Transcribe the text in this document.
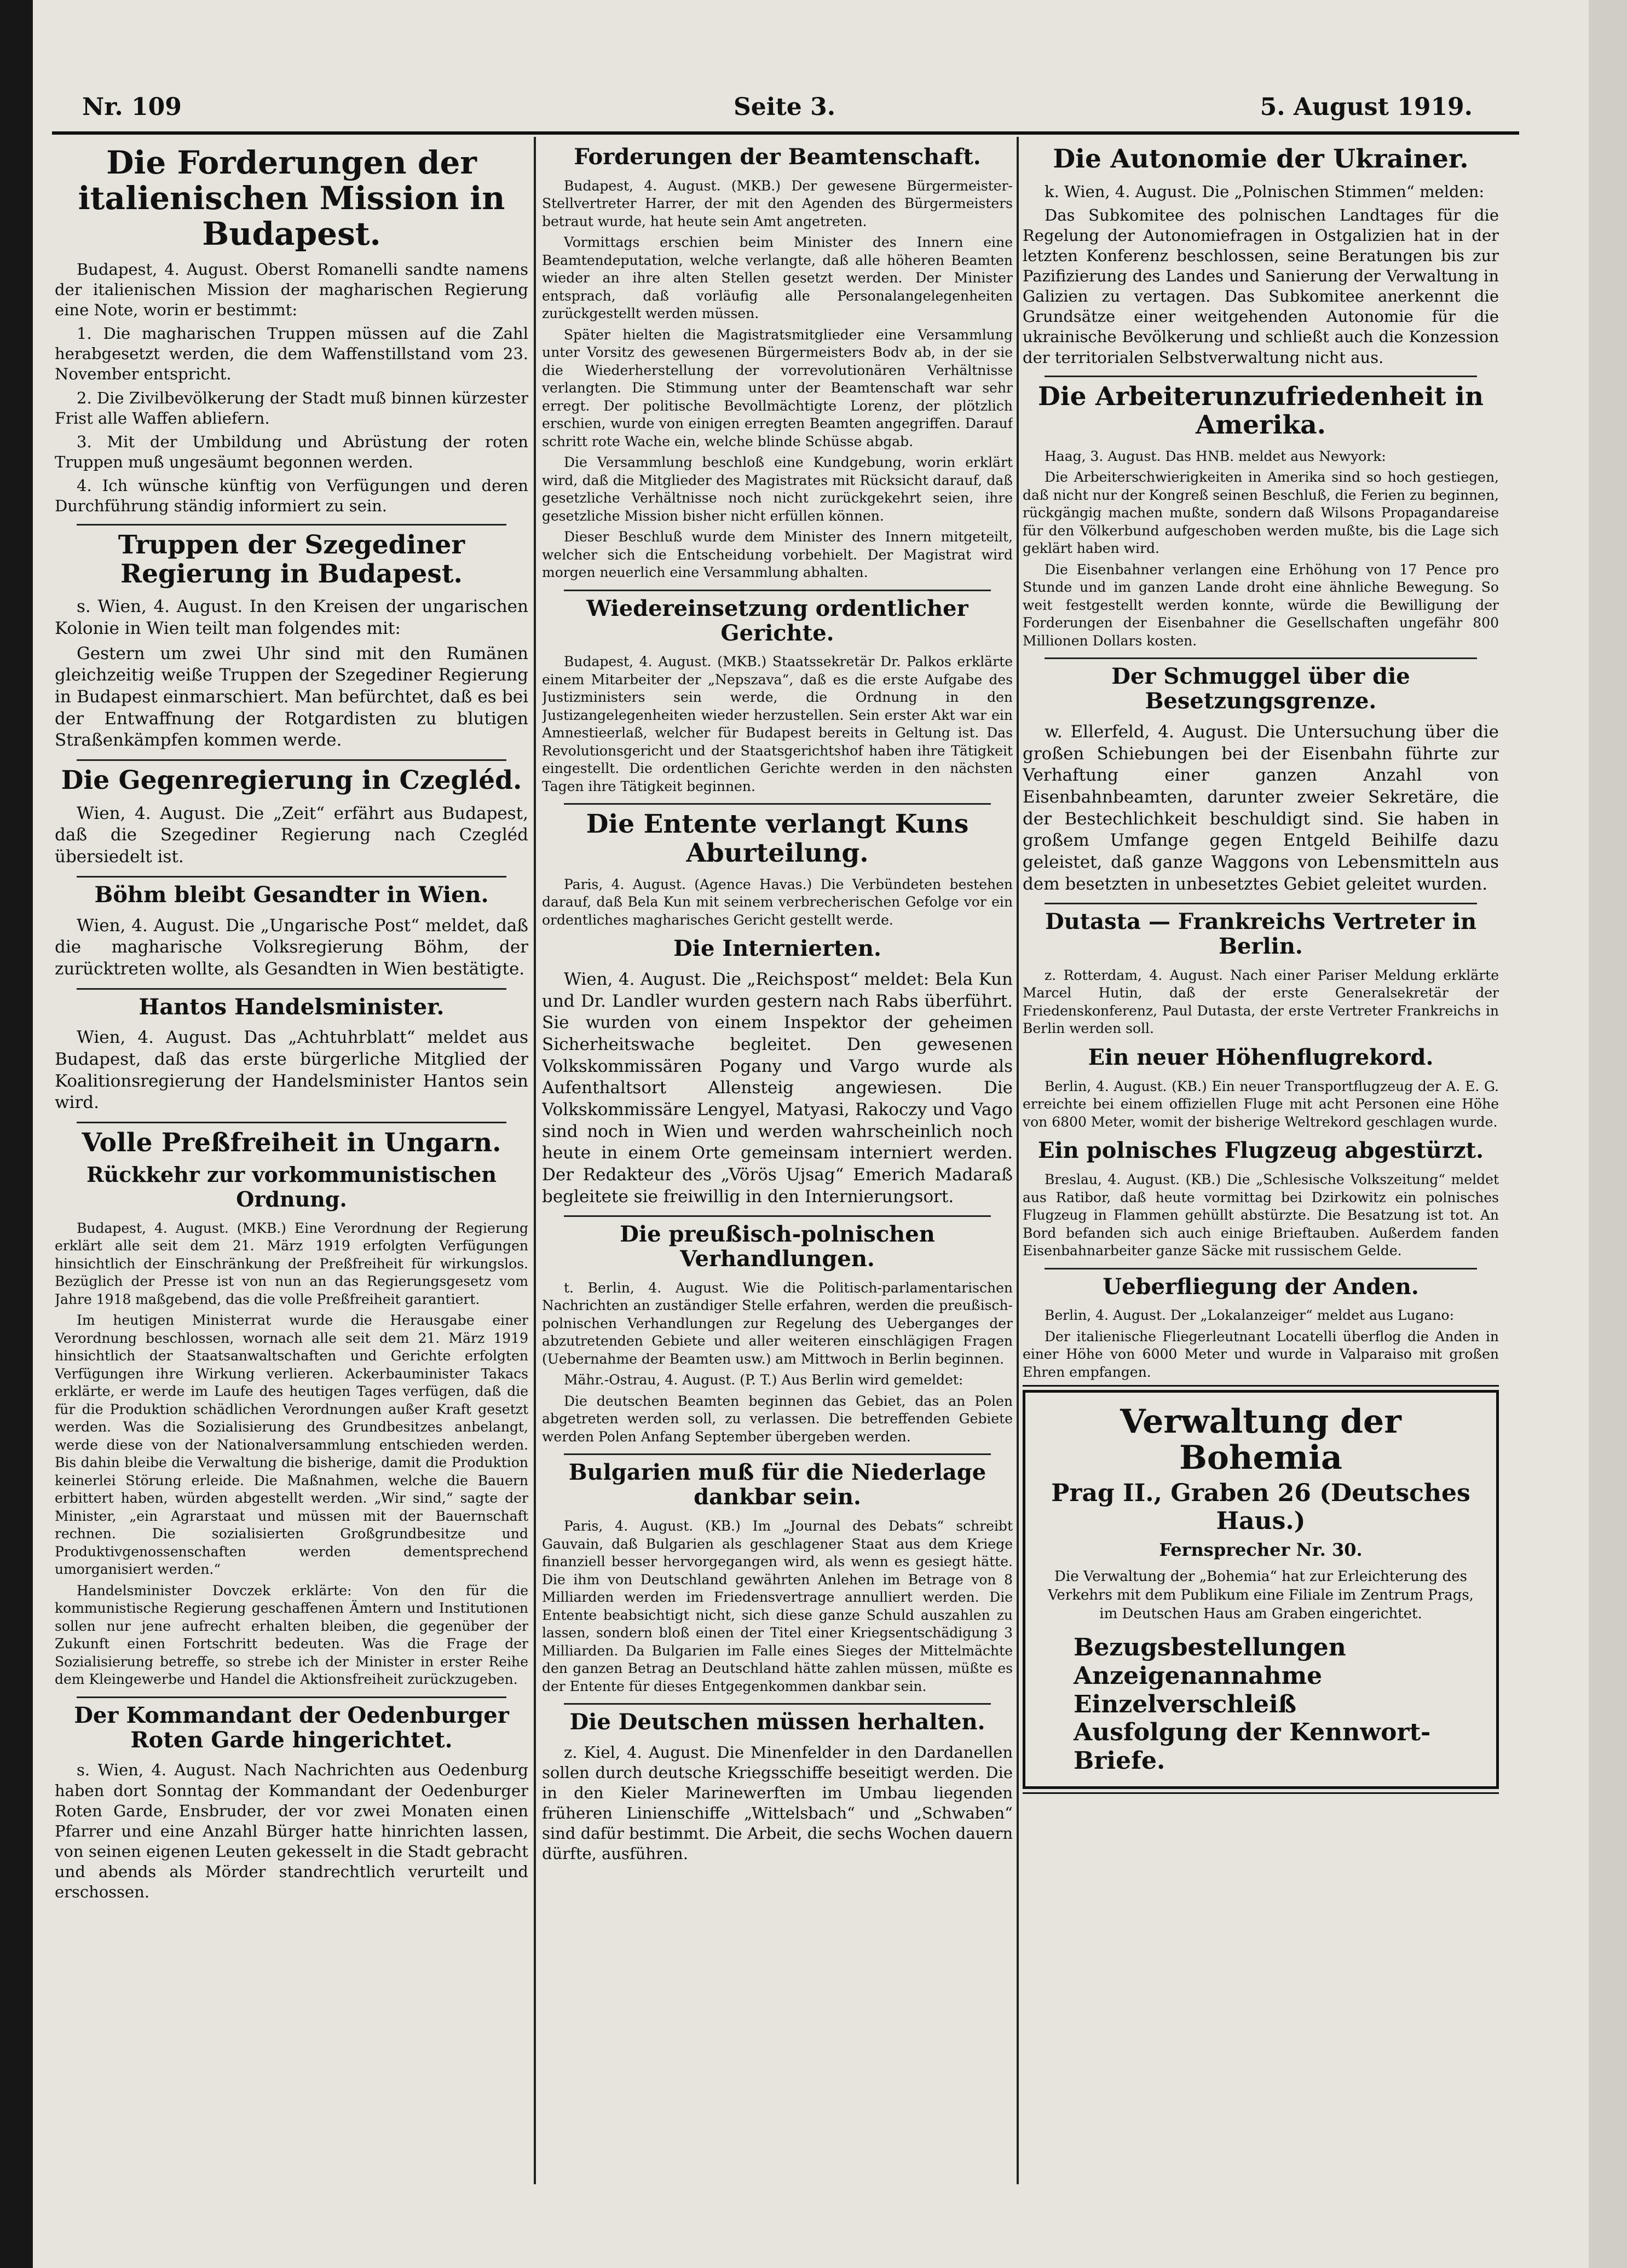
Nr. 109	Seite 3.	5. August 1919.
Die Forderungen der italienischen Mission in Budapest.

Budapest, 4. August. Oberst Romanelli sandte namens der italienischen Mission der magharischen Regierung eine Note, worin er bestimmt:

1. Die magharischen Truppen müssen auf die Zahl herabgesetzt werden, die dem Waffenstillstand vom 23. November entspricht.

2. Die Zivilbevölkerung der Stadt muß binnen kürzester Frist alle Waffen abliefern.

3. Mit der Umbildung und Abrüstung der roten Truppen muß ungesäumt begonnen werden.

4. Ich wünsche künftig von Verfügungen und deren Durchführung ständig informiert zu sein.

Truppen der Szegediner Regierung in Budapest.

s. Wien, 4. August. In den Kreisen der ungarischen Kolonie in Wien teilt man folgendes mit:

Gestern um zwei Uhr sind mit den Rumänen gleichzeitig weiße Truppen der Szegediner Regierung in Budapest einmarschiert. Man befürchtet, daß es bei der Entwaffnung der Rotgardisten zu blutigen Straßenkämpfen kommen werde.

Die Gegenregierung in Czegléd.

Wien, 4. August. Die „Zeit“ erfährt aus Budapest, daß die Szegediner Regierung nach Czegléd übersiedelt ist.

Böhm bleibt Gesandter in Wien.

Wien, 4. August. Die „Ungarische Post“ meldet, daß die magharische Volksregierung Böhm, der zurücktreten wollte, als Gesandten in Wien bestätigte.

Hantos Handelsminister.

Wien, 4. August. Das „Achtuhrblatt“ meldet aus Budapest, daß das erste bürgerliche Mitglied der Koalitionsregierung der Handelsminister Hantos sein wird.

Volle Preßfreiheit in Ungarn.
Rückkehr zur vorkommunistischen Ordnung.

Budapest, 4. August. (MKB.) Eine Verordnung der Regierung erklärt alle seit dem 21. März 1919 erfolgten Verfügungen hinsichtlich der Einschränkung der Preßfreiheit für wirkungslos. Bezüglich der Presse ist von nun an das Regierungsgesetz vom Jahre 1918 maßgebend, das die volle Preßfreiheit garantiert.

Im heutigen Ministerrat wurde die Herausgabe einer Verordnung beschlossen, wornach alle seit dem 21. März 1919 hinsichtlich der Staatsanwaltschaften und Gerichte erfolgten Verfügungen ihre Wirkung verlieren. Ackerbauminister Takacs erklärte, er werde im Laufe des heutigen Tages verfügen, daß die für die Produktion schädlichen Verordnungen außer Kraft gesetzt werden. Was die Sozialisierung des Grundbesitzes anbelangt, werde diese von der Nationalversammlung entschieden werden. Bis dahin bleibe die Verwaltung die bisherige, damit die Produktion keinerlei Störung erleide. Die Maßnahmen, welche die Bauern erbittert haben, würden abgestellt werden. „Wir sind,“ sagte der Minister, „ein Agrarstaat und müssen mit der Bauernschaft rechnen. Die sozialisierten Großgrundbesitze und Produktivgenossenschaften werden dementsprechend umorganisiert werden.“

Handelsminister Dovczek erklärte: Von den für die kommunistische Regierung geschaffenen Ämtern und Institutionen sollen nur jene aufrecht erhalten bleiben, die gegenüber der Zukunft einen Fortschritt bedeuten. Was die Frage der Sozialisierung betreffe, so strebe ich der Minister in erster Reihe dem Kleingewerbe und Handel die Aktionsfreiheit zurückzugeben.

Der Kommandant der Oedenburger Roten Garde hingerichtet.

s. Wien, 4. August. Nach Nachrichten aus Oedenburg haben dort Sonntag der Kommandant der Oedenburger Roten Garde, Ensbruder, der vor zwei Monaten einen Pfarrer und eine Anzahl Bürger hatte hinrichten lassen, von seinen eigenen Leuten gekesselt in die Stadt gebracht und abends als Mörder standrechtlich verurteilt und erschossen.

Forderungen der Beamtenschaft.

Budapest, 4. August. (MKB.) Der gewesene Bürgermeister-Stellvertreter Harrer, der mit den Agenden des Bürgermeisters betraut wurde, hat heute sein Amt angetreten.

Vormittags erschien beim Minister des Innern eine Beamtendeputation, welche verlangte, daß alle höheren Beamten wieder an ihre alten Stellen gesetzt werden. Der Minister entsprach, daß vorläufig alle Personalangelegenheiten zurückgestellt werden müssen.

Später hielten die Magistratsmitglieder eine Versammlung unter Vorsitz des gewesenen Bürgermeisters Bodv ab, in der sie die Wiederherstellung der vorrevolutionären Verhältnisse verlangten. Die Stimmung unter der Beamtenschaft war sehr erregt. Der politische Bevollmächtigte Lorenz, der plötzlich erschien, wurde von einigen erregten Beamten angegriffen. Darauf schritt rote Wache ein, welche blinde Schüsse abgab.

Die Versammlung beschloß eine Kundgebung, worin erklärt wird, daß die Mitglieder des Magistrates mit Rücksicht darauf, daß gesetzliche Verhältnisse noch nicht zurückgekehrt seien, ihre gesetzliche Mission bisher nicht erfüllen können.

Dieser Beschluß wurde dem Minister des Innern mitgeteilt, welcher sich die Entscheidung vorbehielt. Der Magistrat wird morgen neuerlich eine Versammlung abhalten.

Wiedereinsetzung ordentlicher Gerichte.

Budapest, 4. August. (MKB.) Staatssekretär Dr. Palkos erklärte einem Mitarbeiter der „Nepszava“, daß es die erste Aufgabe des Justizministers sein werde, die Ordnung in den Justizangelegenheiten wieder herzustellen. Sein erster Akt war ein Amnestieerlaß, welcher für Budapest bereits in Geltung ist. Das Revolutionsgericht und der Staatsgerichtshof haben ihre Tätigkeit eingestellt. Die ordentlichen Gerichte werden in den nächsten Tagen ihre Tätigkeit beginnen.

Die Entente verlangt Kuns Aburteilung.

Paris, 4. August. (Agence Havas.) Die Verbündeten bestehen darauf, daß Bela Kun mit seinem verbrecherischen Gefolge vor ein ordentliches magharisches Gericht gestellt werde.

Die Internierten.

Wien, 4. August. Die „Reichspost“ meldet: Bela Kun und Dr. Landler wurden gestern nach Rabs überführt. Sie wurden von einem Inspektor der geheimen Sicherheitswache begleitet. Den gewesenen Volkskommissären Pogany und Vargo wurde als Aufenthaltsort Allensteig angewiesen. Die Volkskommissäre Lengyel, Matyasi, Rakoczy und Vago sind noch in Wien und werden wahrscheinlich noch heute in einem Orte gemeinsam interniert werden. Der Redakteur des „Vörös Ujsag“ Emerich Madaraß begleitete sie freiwillig in den Internierungsort.

Die preußisch-polnischen Verhandlungen.

t. Berlin, 4. August. Wie die Politisch-parlamentarischen Nachrichten an zuständiger Stelle erfahren, werden die preußisch-polnischen Verhandlungen zur Regelung des Ueberganges der abzutretenden Gebiete und aller weiteren einschlägigen Fragen (Uebernahme der Beamten usw.) am Mittwoch in Berlin beginnen.

Mähr.-Ostrau, 4. August. (P. T.) Aus Berlin wird gemeldet:

Die deutschen Beamten beginnen das Gebiet, das an Polen abgetreten werden soll, zu verlassen. Die betreffenden Gebiete werden Polen Anfang September übergeben werden.

Bulgarien muß für die Niederlage dankbar sein.

Paris, 4. August. (KB.) Im „Journal des Debats“ schreibt Gauvain, daß Bulgarien als geschlagener Staat aus dem Kriege finanziell besser hervorgegangen wird, als wenn es gesiegt hätte. Die ihm von Deutschland gewährten Anlehen im Betrage von 8 Milliarden werden im Friedensvertrage annulliert werden. Die Entente beabsichtigt nicht, sich diese ganze Schuld auszahlen zu lassen, sondern bloß einen der Titel einer Kriegsentschädigung 3 Milliarden. Da Bulgarien im Falle eines Sieges der Mittelmächte den ganzen Betrag an Deutschland hätte zahlen müssen, müßte es der Entente für dieses Entgegenkommen dankbar sein.

Die Deutschen müssen herhalten.

z. Kiel, 4. August. Die Minenfelder in den Dardanellen sollen durch deutsche Kriegsschiffe beseitigt werden. Die in den Kieler Marinewerften im Umbau liegenden früheren Linienschiffe „Wittelsbach“ und „Schwaben“ sind dafür bestimmt. Die Arbeit, die sechs Wochen dauern dürfte, ausführen.

Die Autonomie der Ukrainer.

k. Wien, 4. August. Die „Polnischen Stimmen“ melden:

Das Subkomitee des polnischen Landtages für die Regelung der Autonomiefragen in Ostgalizien hat in der letzten Konferenz beschlossen, seine Beratungen bis zur Pazifizierung des Landes und Sanierung der Verwaltung in Galizien zu vertagen. Das Subkomitee anerkennt die Grundsätze einer weitgehenden Autonomie für die ukrainische Bevölkerung und schließt auch die Konzession der territorialen Selbstverwaltung nicht aus.

Die Arbeiterunzufriedenheit in Amerika.

Haag, 3. August. Das HNB. meldet aus Newyork:

Die Arbeiterschwierigkeiten in Amerika sind so hoch gestiegen, daß nicht nur der Kongreß seinen Beschluß, die Ferien zu beginnen, rückgängig machen mußte, sondern daß Wilsons Propagandareise für den Völkerbund aufgeschoben werden mußte, bis die Lage sich geklärt haben wird.

Die Eisenbahner verlangen eine Erhöhung von 17 Pence pro Stunde und im ganzen Lande droht eine ähnliche Bewegung. So weit festgestellt werden konnte, würde die Bewilligung der Forderungen der Eisenbahner die Gesellschaften ungefähr 800 Millionen Dollars kosten.

Der Schmuggel über die Besetzungsgrenze.

w. Ellerfeld, 4. August. Die Untersuchung über die großen Schiebungen bei der Eisenbahn führte zur Verhaftung einer ganzen Anzahl von Eisenbahnbeamten, darunter zweier Sekretäre, die der Bestechlichkeit beschuldigt sind. Sie haben in großem Umfange gegen Entgeld Beihilfe dazu geleistet, daß ganze Waggons von Lebensmitteln aus dem besetzten in unbesetztes Gebiet geleitet wurden.

Dutasta — Frankreichs Vertreter in Berlin.

z. Rotterdam, 4. August. Nach einer Pariser Meldung erklärte Marcel Hutin, daß der erste Generalsekretär der Friedenskonferenz, Paul Dutasta, der erste Vertreter Frankreichs in Berlin werden soll.

Ein neuer Höhenflugrekord.

Berlin, 4. August. (KB.) Ein neuer Transportflugzeug der A. E. G. erreichte bei einem offiziellen Fluge mit acht Personen eine Höhe von 6800 Meter, womit der bisherige Weltrekord geschlagen wurde.

Ein polnisches Flugzeug abgestürzt.

Breslau, 4. August. (KB.) Die „Schlesische Volkszeitung“ meldet aus Ratibor, daß heute vormittag bei Dzirkowitz ein polnisches Flugzeug in Flammen gehüllt abstürzte. Die Besatzung ist tot. An Bord befanden sich auch einige Brieftauben. Außerdem fanden Eisenbahnarbeiter ganze Säcke mit russischem Gelde.

Ueberfliegung der Anden.

Berlin, 4. August. Der „Lokalanzeiger“ meldet aus Lugano:

Der italienische Fliegerleutnant Locatelli überflog die Anden in einer Höhe von 6000 Meter und wurde in Valparaiso mit großen Ehren empfangen.

Verwaltung der Bohemia
Prag II., Graben 26 (Deutsches Haus.)
Fernsprecher Nr. 30.
Die Verwaltung der „Bohemia“ hat zur Erleichterung des Verkehrs mit dem Publikum eine Filiale im Zentrum Prags, im Deutschen Haus am Graben eingerichtet.
Bezugsbestellungen
Anzeigenannahme
Einzelverschleiß
Ausfolgung der Kennwort-Briefe.
